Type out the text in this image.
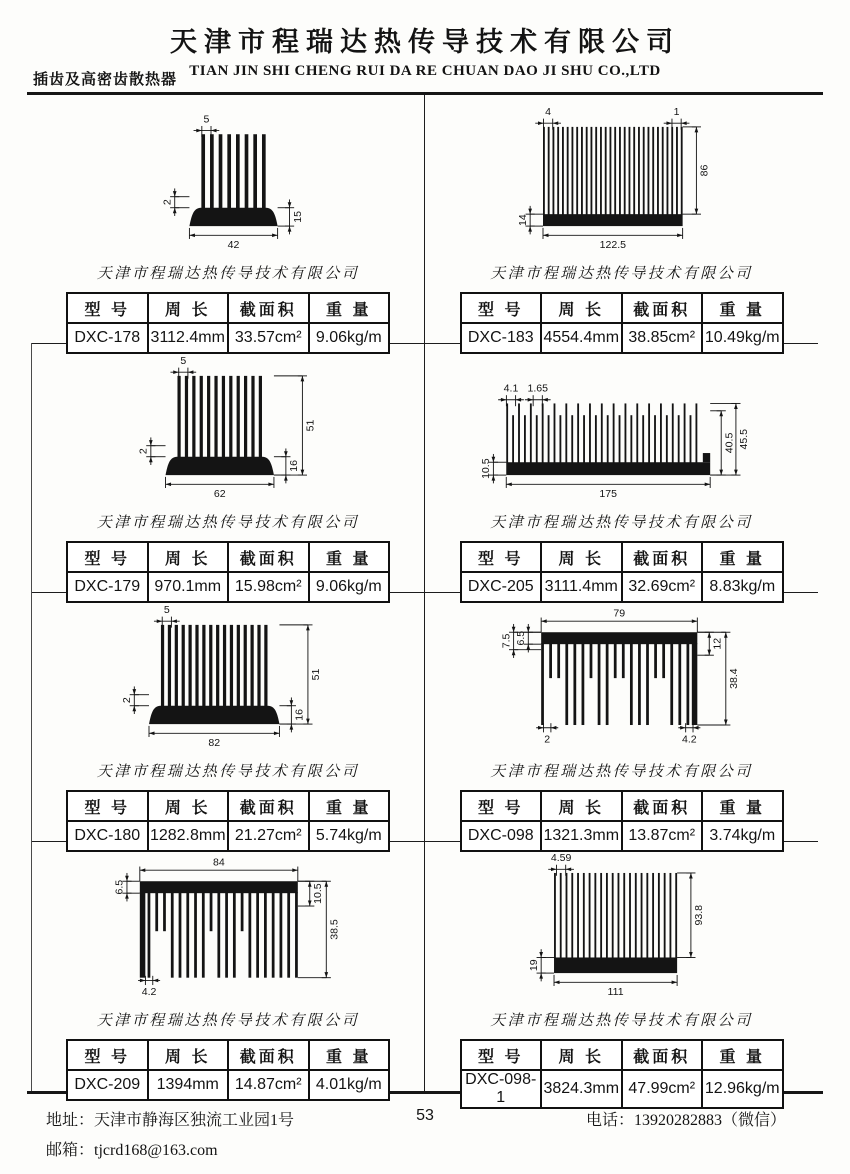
天津市程瑞达热传导技术有限公司
TIAN JIN SHI CHENG RUI DA RE CHUAN DAO JI SHU CO.,LTD
插齿及高密齿散热器
5
2
15
42

天津市程瑞达热传导技术有限公司

型 号	周 长	截面积	重 量
DXC-178	3112.4mm	33.57cm²	9.06kg/m
4	1
14
86
122.5

天津市程瑞达热传导技术有限公司

型 号	周 长	截面积	重 量
DXC-183	4554.4mm	38.85cm²	10.49kg/m
5
2
16
51
62

天津市程瑞达热传导技术有限公司

型 号	周 长	截面积	重 量
DXC-179	970.1mm	15.98cm²	9.06kg/m
4.1 1.65
10.5
40.5 45.5
175

天津市程瑞达热传导技术有限公司

型 号	周 长	截面积	重 量
DXC-205	3111.4mm	32.69cm²	8.83kg/m
5
2
16
51
82

天津市程瑞达热传导技术有限公司

型 号	周 长	截面积	重 量
DXC-180	1282.8mm	21.27cm²	5.74kg/m
79
7.5 6.5	12
38.4
2	4.2

天津市程瑞达热传导技术有限公司

型 号	周 长	截面积	重 量
DXC-098	1321.3mm	13.87cm²	3.74kg/m
84
6.5	10.5
38.5
4.2

天津市程瑞达热传导技术有限公司

型 号	周 长	截面积	重 量
DXC-209	1394mm	14.87cm²	4.01kg/m
4.59
19
93.8
111

天津市程瑞达热传导技术有限公司

型 号	周 长	截面积	重 量
DXC-098-1	3824.3mm	47.99cm²	12.96kg/m
地址：天津市静海区独流工业园1号
邮箱：tjcrd168@163.com
53	电话：13920282883（微信）
